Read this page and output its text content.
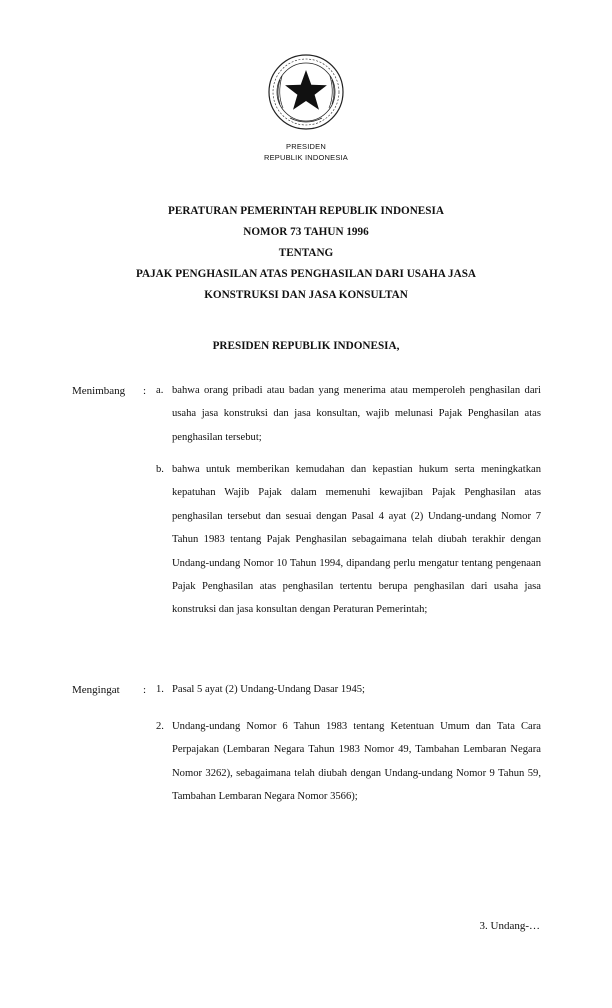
PRESIDEN
REPUBLIK INDONESIA
PERATURAN PEMERINTAH REPUBLIK INDONESIA
NOMOR 73 TAHUN 1996
TENTANG
PAJAK PENGHASILAN ATAS PENGHASILAN DARI USAHA JASA
KONSTRUKSI DAN JASA KONSULTAN
PRESIDEN REPUBLIK INDONESIA,
Menimbang : a. bahwa orang pribadi atau badan yang menerima atau memperoleh penghasilan dari usaha jasa konstruksi dan jasa konsultan, wajib melunasi Pajak Penghasilan atas penghasilan tersebut;
b. bahwa untuk memberikan kemudahan dan kepastian hukum serta meningkatkan kepatuhan Wajib Pajak dalam memenuhi kewajiban Pajak Penghasilan atas penghasilan tersebut dan sesuai dengan Pasal 4 ayat (2) Undang-undang Nomor 7 Tahun 1983 tentang Pajak Penghasilan sebagaimana telah diubah terakhir dengan Undang-undang Nomor 10 Tahun 1994, dipandang perlu mengatur tentang pengenaan Pajak Penghasilan atas penghasilan tertentu berupa penghasilan dari usaha jasa konstruksi dan jasa konsultan dengan Peraturan Pemerintah;
Mengingat : 1. Pasal 5 ayat (2) Undang-Undang Dasar 1945;
2. Undang-undang Nomor 6 Tahun 1983 tentang Ketentuan Umum dan Tata Cara Perpajakan (Lembaran Negara Tahun 1983 Nomor 49, Tambahan Lembaran Negara Nomor 3262), sebagaimana telah diubah dengan Undang-undang Nomor 9 Tahun 59, Tambahan Lembaran Negara Nomor 3566);
3. Undang-…
